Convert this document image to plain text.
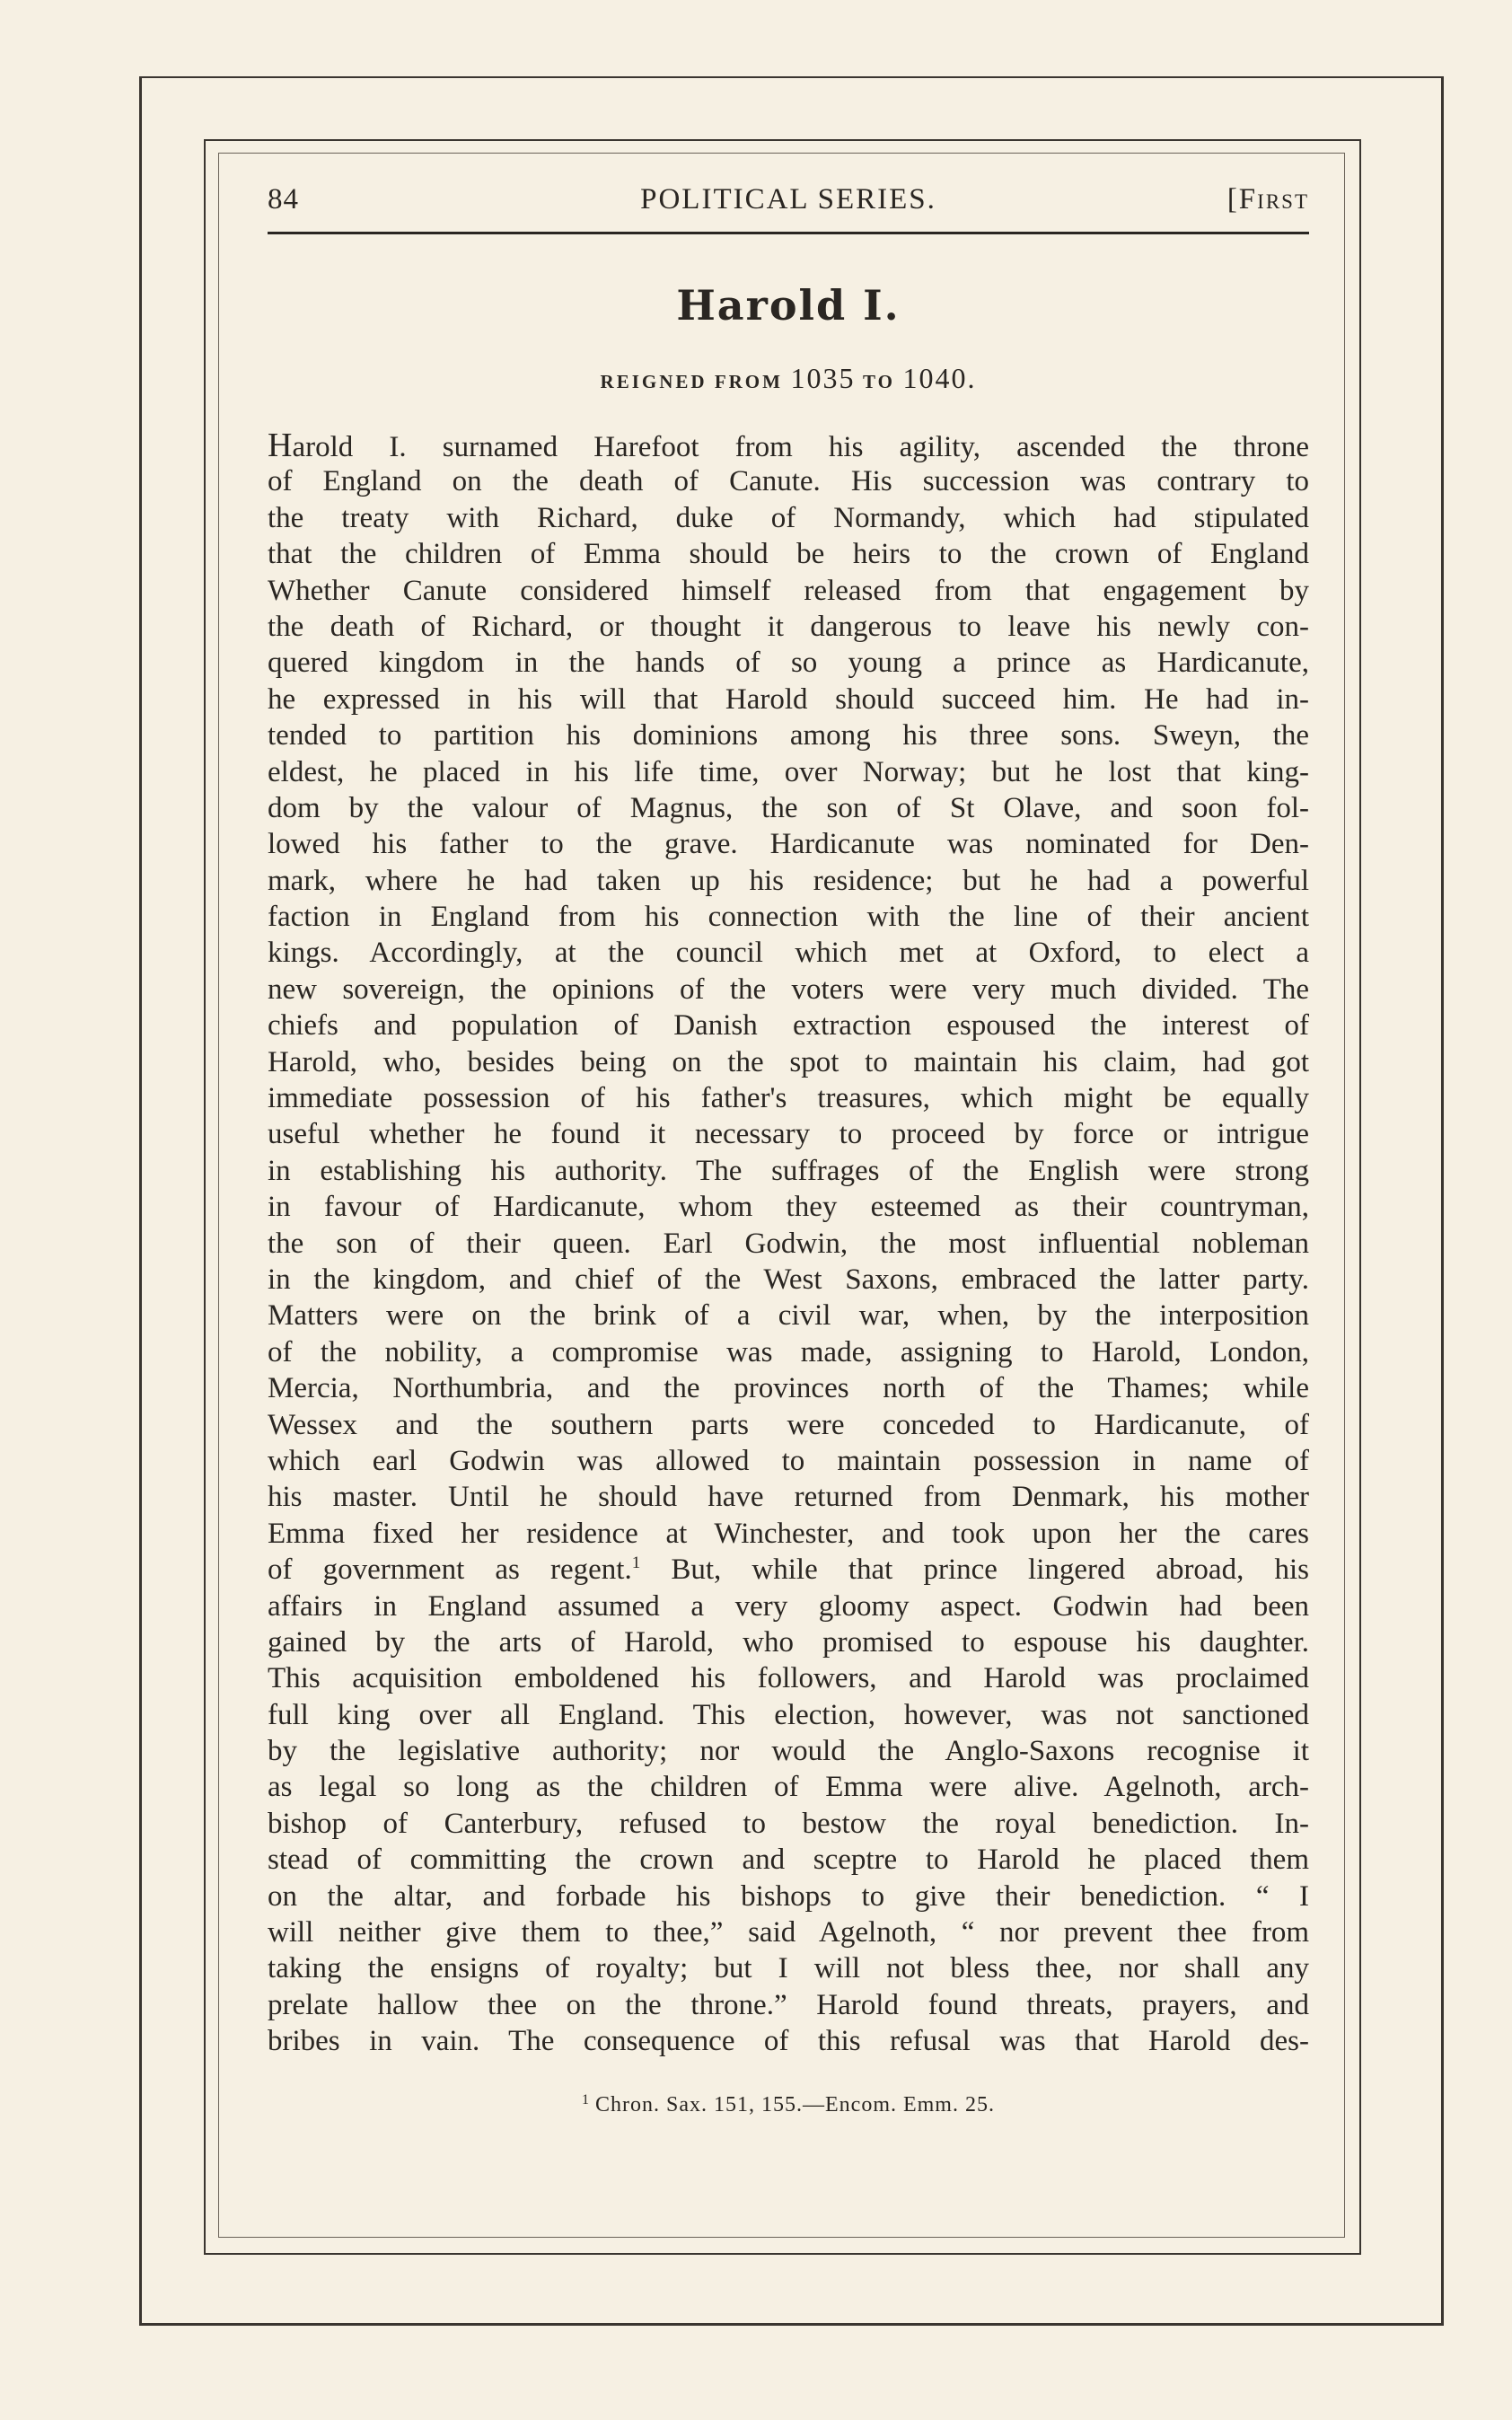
84	POLITICAL SERIES.	[First
Harold I.
REIGNED FROM 1035 TO 1040.
Harold I. surnamed Harefoot from his agility, ascended the throne
of England on the death of Canute. His succession was contrary to
the treaty with Richard, duke of Normandy, which had stipulated
that the children of Emma should be heirs to the crown of England
Whether Canute considered himself released from that engagement by
the death of Richard, or thought it dangerous to leave his newly con-
quered kingdom in the hands of so young a prince as Hardicanute,
he expressed in his will that Harold should succeed him. He had in-
tended to partition his dominions among his three sons. Sweyn, the
eldest, he placed in his life time, over Norway; but he lost that king-
dom by the valour of Magnus, the son of St Olave, and soon fol-
lowed his father to the grave. Hardicanute was nominated for Den-
mark, where he had taken up his residence; but he had a powerful
faction in England from his connection with the line of their ancient
kings. Accordingly, at the council which met at Oxford, to elect a
new sovereign, the opinions of the voters were very much divided. The
chiefs and population of Danish extraction espoused the interest of
Harold, who, besides being on the spot to maintain his claim, had got
immediate possession of his father's treasures, which might be equally
useful whether he found it necessary to proceed by force or intrigue
in establishing his authority. The suffrages of the English were strong
in favour of Hardicanute, whom they esteemed as their countryman,
the son of their queen. Earl Godwin, the most influential nobleman
in the kingdom, and chief of the West Saxons, embraced the latter party.
Matters were on the brink of a civil war, when, by the interposition
of the nobility, a compromise was made, assigning to Harold, London,
Mercia, Northumbria, and the provinces north of the Thames; while
Wessex and the southern parts were conceded to Hardicanute, of
which earl Godwin was allowed to maintain possession in name of
his master. Until he should have returned from Denmark, his mother
Emma fixed her residence at Winchester, and took upon her the cares
of government as regent.$^1$ But, while that prince lingered abroad, his
affairs in England assumed a very gloomy aspect. Godwin had been
gained by the arts of Harold, who promised to espouse his daughter.
This acquisition emboldened his followers, and Harold was proclaimed
full king over all England. This election, however, was not sanctioned
by the legislative authority; nor would the Anglo-Saxons recognise it
as legal so long as the children of Emma were alive. Agelnoth, arch-
bishop of Canterbury, refused to bestow the royal benediction. In-
stead of committing the crown and sceptre to Harold he placed them
on the altar, and forbade his bishops to give their benediction. “ I
will neither give them to thee,” said Agelnoth, “ nor prevent thee from
taking the ensigns of royalty; but I will not bless thee, nor shall any
prelate hallow thee on the throne.” Harold found threats, prayers, and
bribes in vain. The consequence of this refusal was that Harold des-
$^1$ Chron. Sax. 151, 155.—Encom. Emm. 25.
